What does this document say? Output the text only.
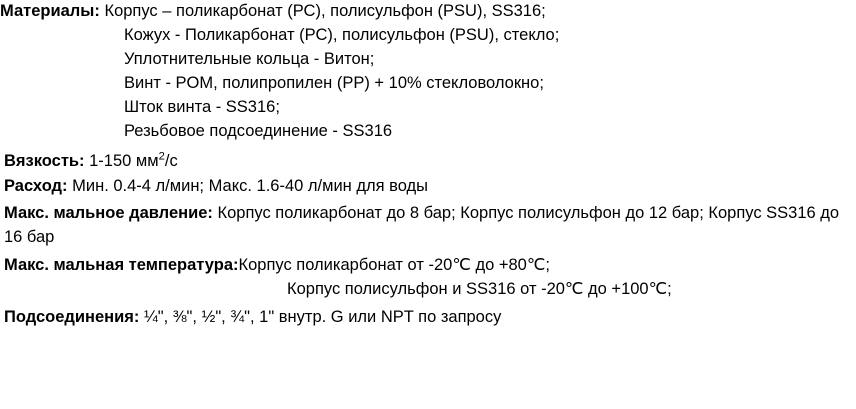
Материалы: Корпус – поликарбонат (РС), полисульфон (PSU), SS316;
Кожух - Поликарбонат (РС), полисульфон (PSU), стекло;
Уплотнительные кольца - Витон;
Винт - POM, полипропилен (PP) + 10% стекловолокно;
Шток винта - SS316;
Резьбовое подсоединение - SS316
Вязкость: 1-150 $мм^2/с$
Расход: Мин. 0.4-4 л/мин; Макс. 1.6-40 л/мин для воды
Макс. мальное давление: Корпус поликарбонат до 8 бар; Корпус полисульфон до 12 бар; Корпус SS316 до 16 бар
Макс. мальная температура:Корпус поликарбонат от -20℃ до +80℃;
Корпус полисульфон и SS316 от -20℃ до +100℃;
Подсоединения: ¼", ⅜", ½", ¾", 1" внутр. G или NPT по запросу
